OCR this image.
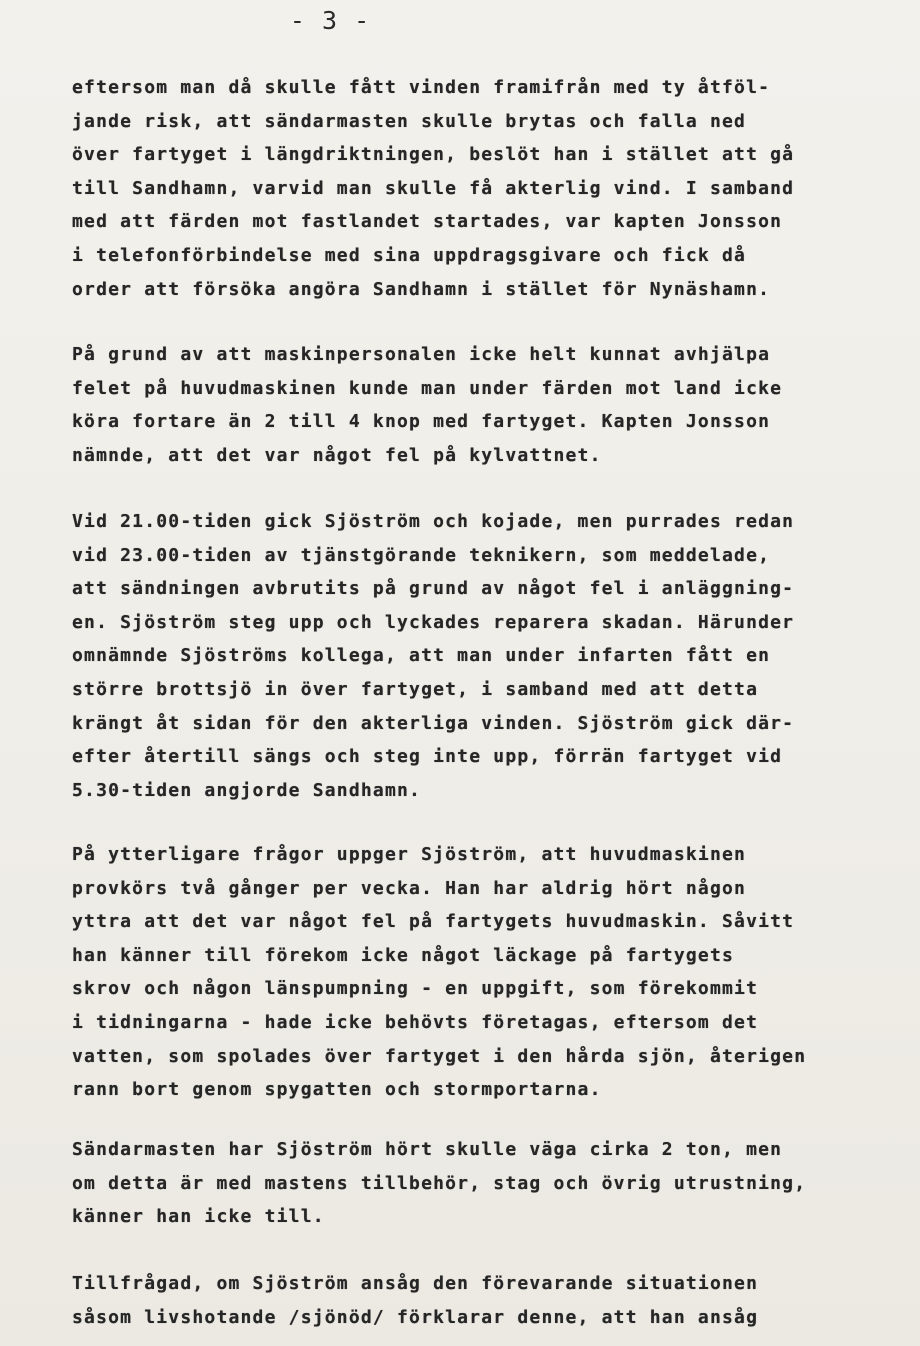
- 3 -
eftersom man då skulle fått vinden framifrån med ty åtföl-
jande risk, att sändarmasten skulle brytas och falla ned
över fartyget i längdriktningen, beslöt han i stället att gå
till Sandhamn, varvid man skulle få akterlig vind. I samband
med att färden mot fastlandet startades, var kapten Jonsson
i telefonförbindelse med sina uppdragsgivare och fick då
order att försöka angöra Sandhamn i stället för Nynäshamn.
På grund av att maskinpersonalen icke helt kunnat avhjälpa
felet på huvudmaskinen kunde man under färden mot land icke
köra fortare än 2 till 4 knop med fartyget. Kapten Jonsson
nämnde, att det var något fel på kylvattnet.
Vid 21.00-tiden gick Sjöström och kojade, men purrades redan
vid 23.00-tiden av tjänstgörande teknikern, som meddelade,
att sändningen avbrutits på grund av något fel i anläggning-
en. Sjöström steg upp och lyckades reparera skadan. Härunder
omnämnde Sjöströms kollega, att man under infarten fått en
större brottsjö in över fartyget, i samband med att detta
krängt åt sidan för den akterliga vinden. Sjöström gick där-
efter återtill sängs och steg inte upp, förrän fartyget vid
5.30-tiden angjorde Sandhamn.
På ytterligare frågor uppger Sjöström, att huvudmaskinen
provkörs två gånger per vecka. Han har aldrig hört någon
yttra att det var något fel på fartygets huvudmaskin. Såvitt
han känner till förekom icke något läckage på fartygets
skrov och någon länspumpning - en uppgift, som förekommit
i tidningarna - hade icke behövts företagas, eftersom det
vatten, som spolades över fartyget i den hårda sjön, återigen
rann bort genom spygatten och stormportarna.
Sändarmasten har Sjöström hört skulle väga cirka 2 ton, men
om detta är med mastens tillbehör, stag och övrig utrustning,
känner han icke till.
Tillfrågad, om Sjöström ansåg den förevarande situationen
såsom livshotande /sjönöd/ förklarar denne, att han ansåg
